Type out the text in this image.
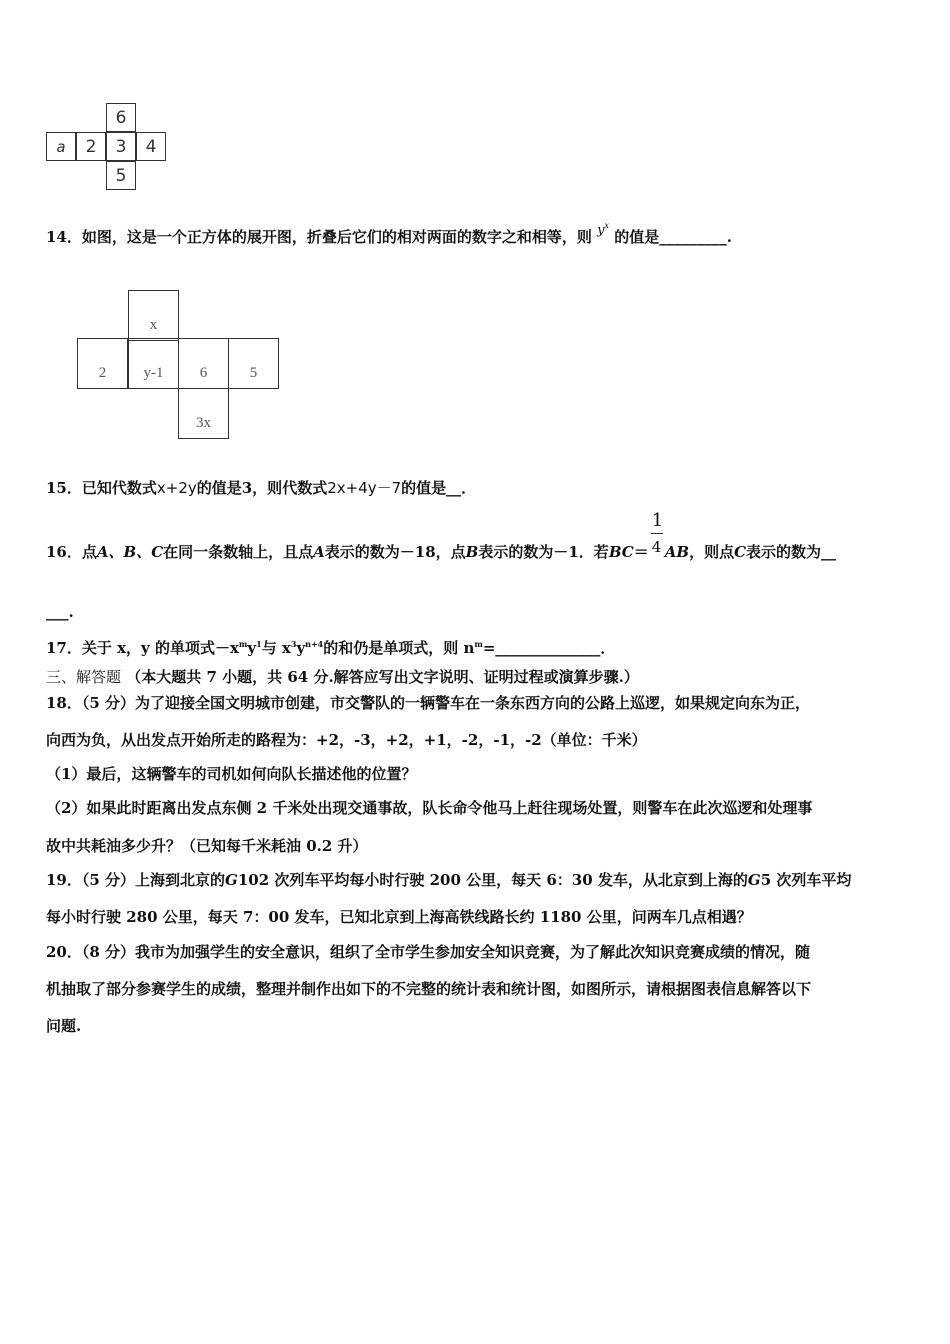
6
a	2	3	4
5
14．如图，这是一个正方体的展开图，折叠后它们的相对两面的数字之和相等，则 $y^x$ 的值是_________.
x
2 y-1 6	5
3x
15．已知代数式x+2y的值是3，则代数式2x+4y－7的值是__．
16．点A、B、C在同一条数轴上，且点A表示的数为－18，点B表示的数为－1．若$BC= \frac{1}{4}$ AB，则点C表示的数为__
___.
17．关于 x，y 的单项式$-x^my^1$与 $x^3y^{n+4}$的和仍是单项式，则 $n^m=\_\_\_\_\_\_\_\_\_\_\_\_\_\_$．
三、解答题 （本大题共 7 小题，共 64 分.解答应写出文字说明、证明过程或演算步骤.）
18．（5 分）为了迎接全国文明城市创建，市交警队的一辆警车在一条东西方向的公路上巡逻，如果规定向东为正，
向西为负，从出发点开始所走的路程为：+2，-3，+2，+1，-2，-1，-2（单位：千米）
（1）最后，这辆警车的司机如何向队长描述他的位置？
（2）如果此时距离出发点东侧 2 千米处出现交通事故，队长命令他马上赶往现场处置，则警车在此次巡逻和处理事
故中共耗油多少升？（已知每千米耗油 0.2 升）
19．（5 分）上海到北京的G102 次列车平均每小时行驶 200 公里，每天 6：30 发车，从北京到上海的G5 次列车平均
每小时行驶 280 公里，每天 7：00 发车，已知北京到上海高铁线路长约 1180 公里，问两车几点相遇？
20．（8 分）我市为加强学生的安全意识，组织了全市学生参加安全知识竞赛，为了解此次知识竞赛成绩的情况，随
机抽取了部分参赛学生的成绩，整理并制作出如下的不完整的统计表和统计图，如图所示，请根据图表信息解答以下
问题.
